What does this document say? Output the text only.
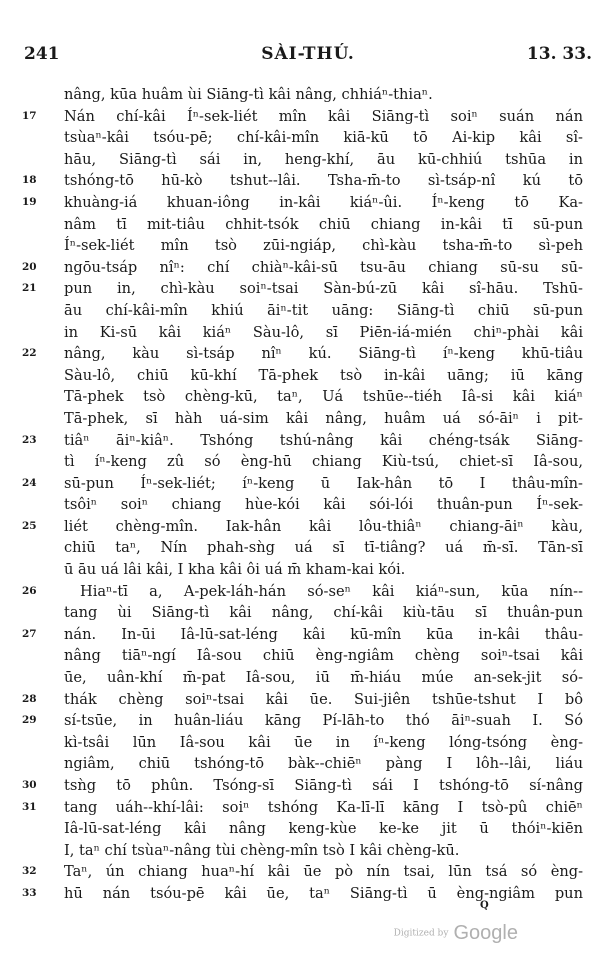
241	SÀI-THÚ.	13. 33.
nâng, kūa huâm ùi Siāng-tì kâi nâng, chhiáⁿ-thiaⁿ.
17	Nán chí-kâi Íⁿ-sek-liét mîn kâi Siāng-tì soiⁿ suán nán
tsùaⁿ-kâi tsóu-pē; chí-kâi-mîn kiā-kū tō Ai-kip kâi sî-
hāu, Siāng-tì sái in, heng-khí, āu kū-chhiú tshūa in
18	tshóng-tō hū-kò tshut--lâi. Tsha-m̄-to sì-tsáp-nî kú tō
19	khuàng-iá khuan-iông in-kâi kiáⁿ-ûi. Íⁿ-keng tō Ka-
nâm tī mit-tiâu chhit-tsók chiū chiang in-kâi tī sū-pun
Íⁿ-sek-liét mîn tsò zūi-ngiáp, chì-kàu tsha-m̄-to sì-peh
20	ngōu-tsáp nîⁿ: chí chiàⁿ-kâi-sū tsu-āu chiang sū-su sū-
21	pun in, chì-kàu soiⁿ-tsai Sàn-bú-zū kâi sî-hāu. Tshū-
āu chí-kâi-mîn khiú āiⁿ-tit uāng: Siāng-tì chiū sū-pun
in Ki-sū kâi kiáⁿ Sàu-lô, sī Piēn-iá-mién chiⁿ-phài kâi
22	nâng, kàu sì-tsáp nîⁿ kú. Siāng-tì íⁿ-keng khū-tiâu
Sàu-lô, chiū kū-khí Tā-phek tsò in-kâi uāng; iū kāng
Tā-phek tsò chèng-kū, taⁿ, Uá tshūe--tiéh Iâ-si kâi kiáⁿ
Tā-phek, sī hàh uá-sim kâi nâng, huâm uá só-āiⁿ i pit-
23	tiâⁿ āiⁿ-kiâⁿ. Tshóng tshú-nâng kâi chéng-tsák Siāng-
tì íⁿ-keng zû só èng-hū chiang Kiù-tsú, chiet-sī Iâ-sou,
24	sū-pun Íⁿ-sek-liét; íⁿ-keng ū Iak-hân tō I thâu-mîn-
tsôiⁿ soiⁿ chiang hùe-kói kâi sói-lói thuân-pun Íⁿ-sek-
25	liét chèng-mîn. Iak-hân kâi lôu-thiâⁿ chiang-āiⁿ kàu,
chiū taⁿ, Nín phah-sǹg uá sī tī-tiâng? uá m̄-sī. Tān-sī
ū āu uá lâi kâi, I kha kâi ôi uá m̄ kham-kai kói.
26	Hiaⁿ-tī a, A-pek-láh-hán só-seⁿ kâi kiáⁿ-sun, kūa nín--
tang ùi Siāng-tì kâi nâng, chí-kâi kiù-tāu sī thuân-pun
27	nán. In-ūi Iâ-lū-sat-léng kâi kū-mîn kūa in-kâi thâu-
nâng tiāⁿ-ngí Iâ-sou chiū èng-ngiâm chèng soiⁿ-tsai kâi
ūe, uân-khí m̄-pat Iâ-sou, iū m̄-hiáu múe an-sek-jit só-
28	thák chèng soiⁿ-tsai kâi ūe. Sui-jiên tshūe-tshut I bô
29	sí-tsūe, in huân-liáu kāng Pí-lāh-to thó āiⁿ-suah I. Só
kì-tsâi lūn Iâ-sou kâi ūe in íⁿ-keng lóng-tsóng èng-
ngiâm, chiū tshóng-tō bàk--chiēⁿ pàng I lôh--lâi, liáu
30	tsǹg tō phûn. Tsóng-sī Siāng-tì sái I tshóng-tō sí-nâng
31	tang uáh--khí-lâi: soiⁿ tshóng Ka-lī-lī kāng I tsò-pû chiēⁿ
Iâ-lū-sat-léng kâi nâng keng-kùe ke-ke jit ū thóiⁿ-kiēn
I, taⁿ chí tsùaⁿ-nâng tùi chèng-mîn tsò I kâi chèng-kū.
32	Taⁿ, ún chiang huaⁿ-hí kâi ūe pò nín tsai, lūn tsá só èng-
33	hū nán tsóu-pē kâi ūe, taⁿ Siāng-tì ū èng-ngiâm pun
Q
Digitized by Google
